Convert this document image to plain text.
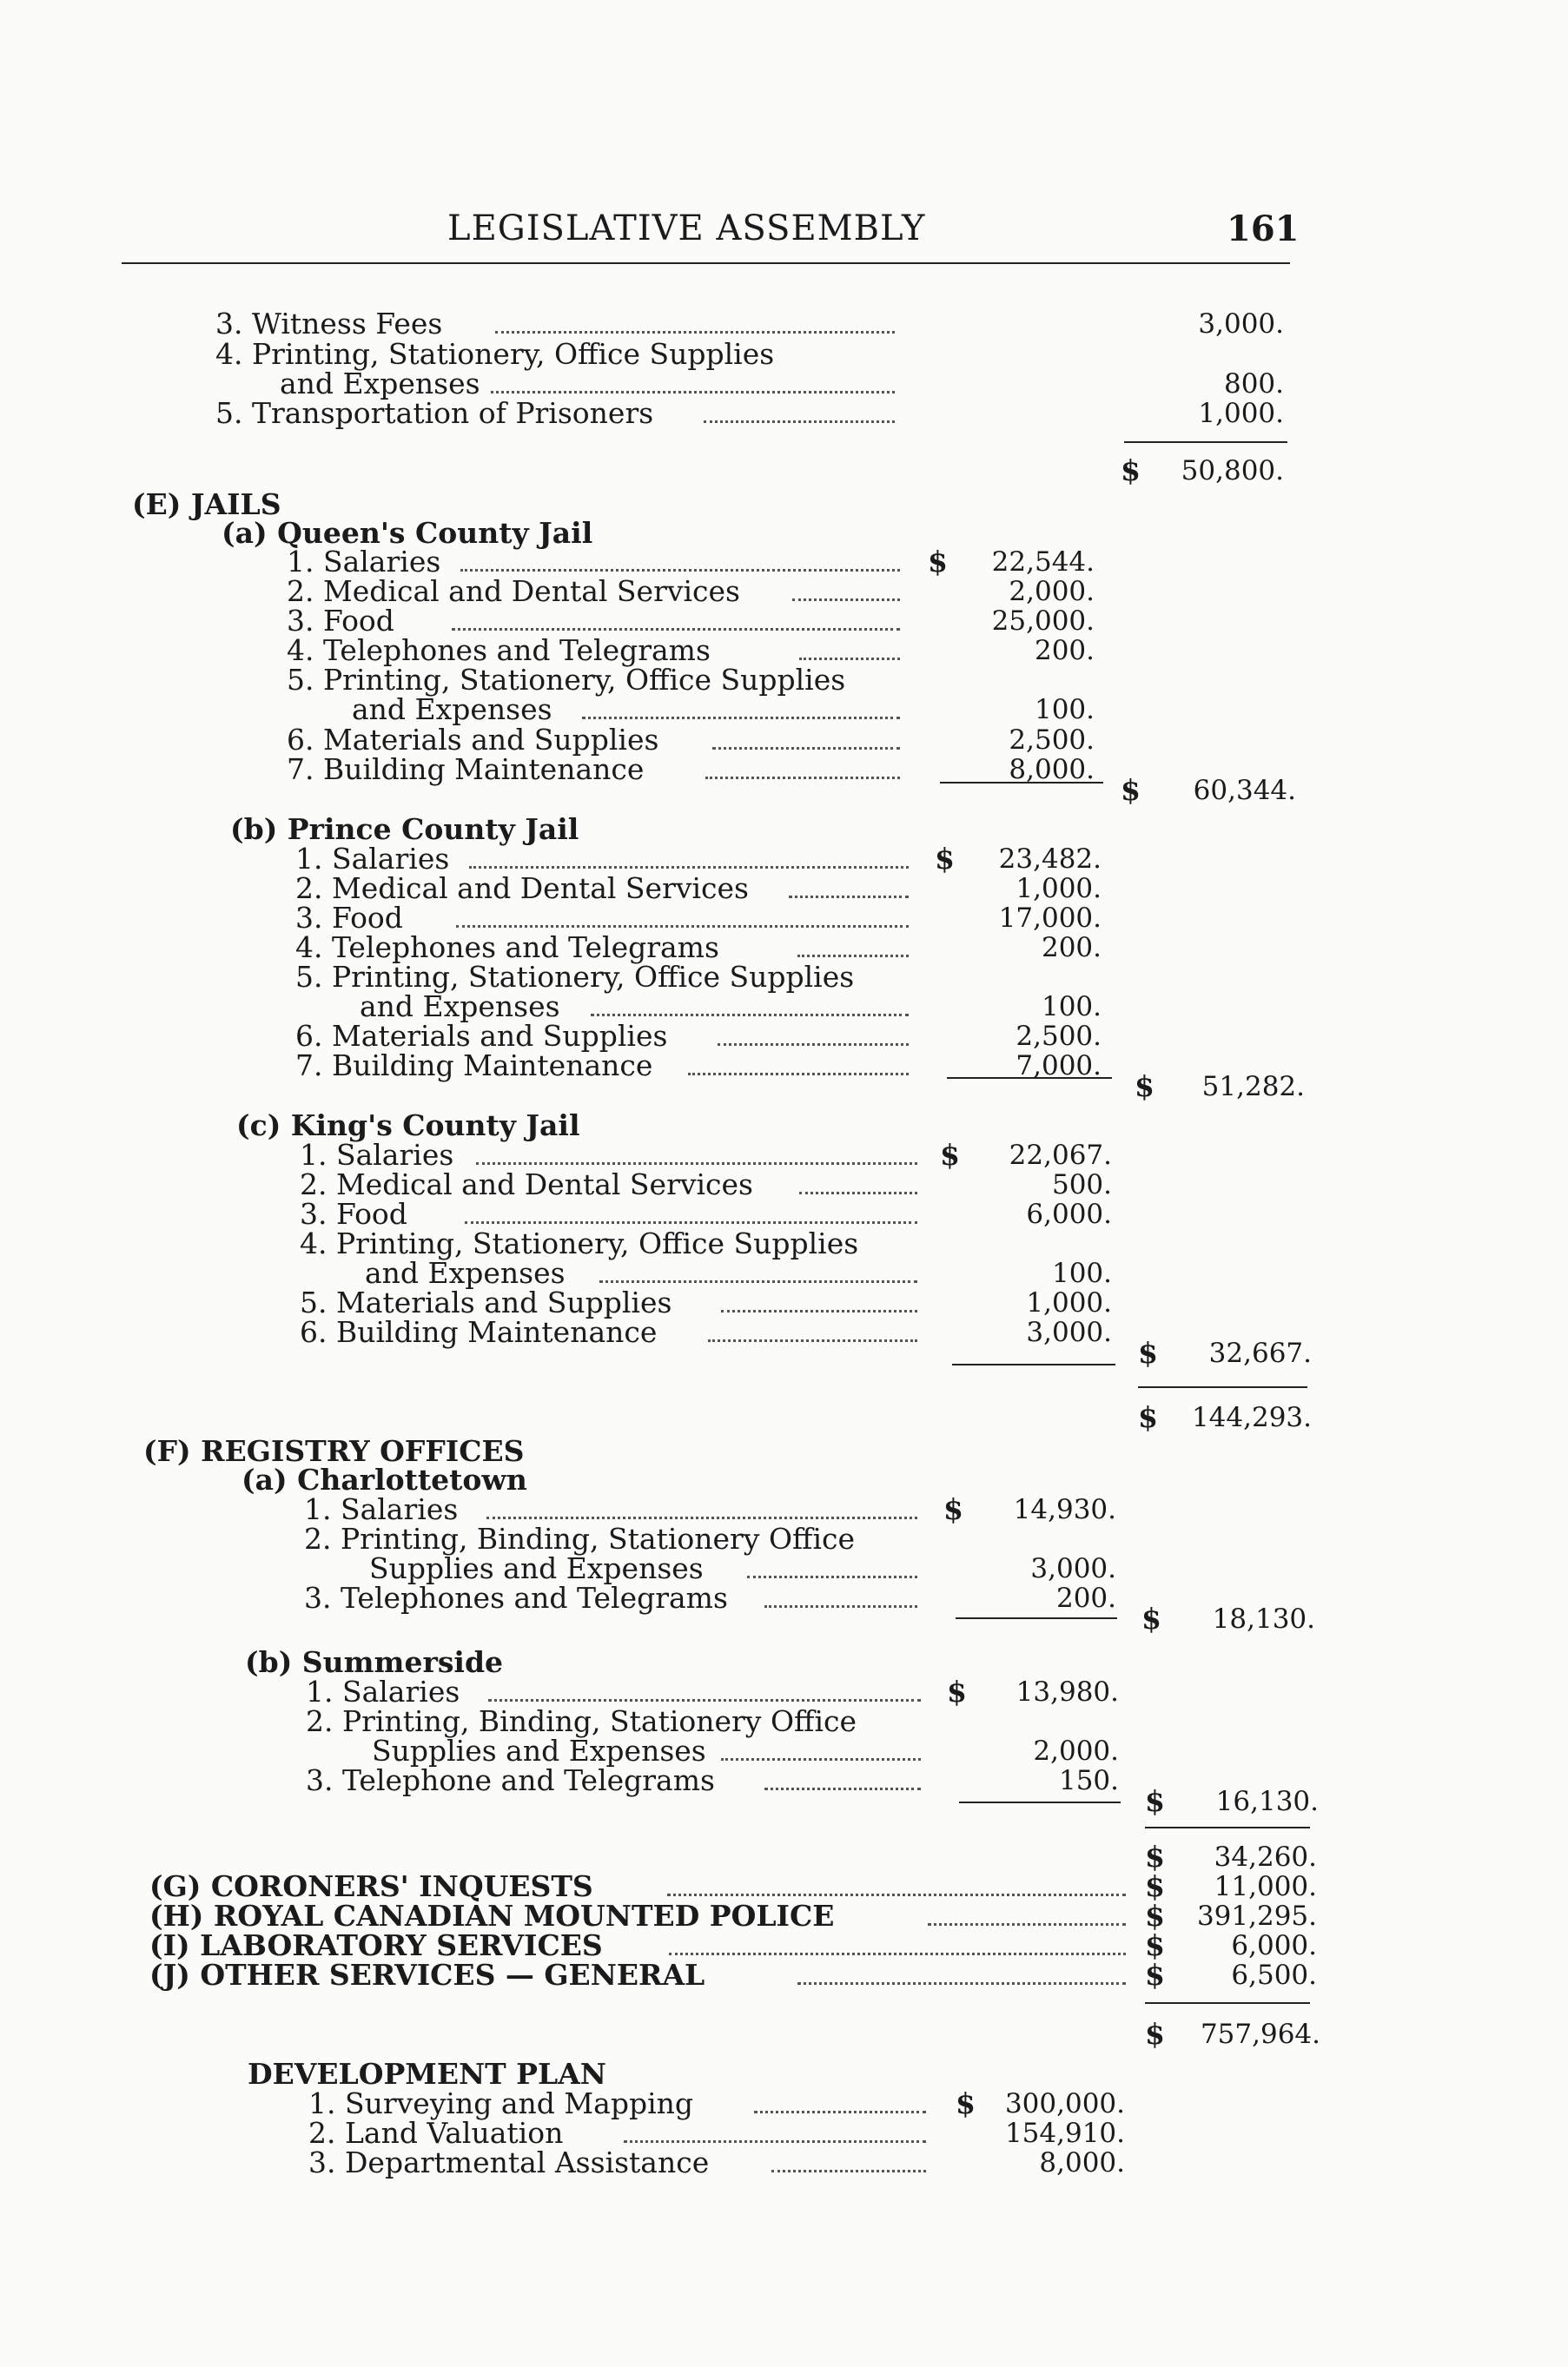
LEGISLATIVE ASSEMBLY	161
3. Witness Fees	3,000.
4. Printing, Stationery, Office Supplies
and Expenses	800.
5. Transportation of Prisoners	1,000.
$	50,800.
(E) JAILS
(a) Queen's County Jail
1. Salaries	$	22,544.
2. Medical and Dental Services	2,000.
3. Food	25,000.
4. Telephones and Telegrams	200.
5. Printing, Stationery, Office Supplies
and Expenses	100.
6. Materials and Supplies	2,500.
7. Building Maintenance	8,000.
$	60,344.
(b) Prince County Jail
1. Salaries	$	23,482.
2. Medical and Dental Services	1,000.
3. Food	17,000.
4. Telephones and Telegrams	200.
5. Printing, Stationery, Office Supplies
and Expenses	100.
6. Materials and Supplies	2,500.
7. Building Maintenance	7,000.
$	51,282.
(c) King's County Jail
1. Salaries	$	22,067.
2. Medical and Dental Services	500.
3. Food	6,000.
4. Printing, Stationery, Office Supplies
and Expenses	100.
5. Materials and Supplies	1,000.
6. Building Maintenance	3,000.
$	32,667.
$	144,293.
(F) REGISTRY OFFICES
(a) Charlottetown
1. Salaries	$	14,930.
2. Printing, Binding, Stationery Office
Supplies and Expenses	3,000.
3. Telephones and Telegrams	200.
$	18,130.
(b) Summerside
1. Salaries	$	13,980.
2. Printing, Binding, Stationery Office
Supplies and Expenses	2,000.
3. Telephone and Telegrams	150.
$	16,130.
$	34,260.
(G) CORONERS' INQUESTS	$	11,000.
(H) ROYAL CANADIAN MOUNTED POLICE	$	391,295.
(I) LABORATORY SERVICES	$	6,000.
(J) OTHER SERVICES — GENERAL	$	6,500.
$	757,964.
DEVELOPMENT PLAN
1. Surveying and Mapping	$	300,000.
2. Land Valuation	154,910.
3. Departmental Assistance	8,000.
